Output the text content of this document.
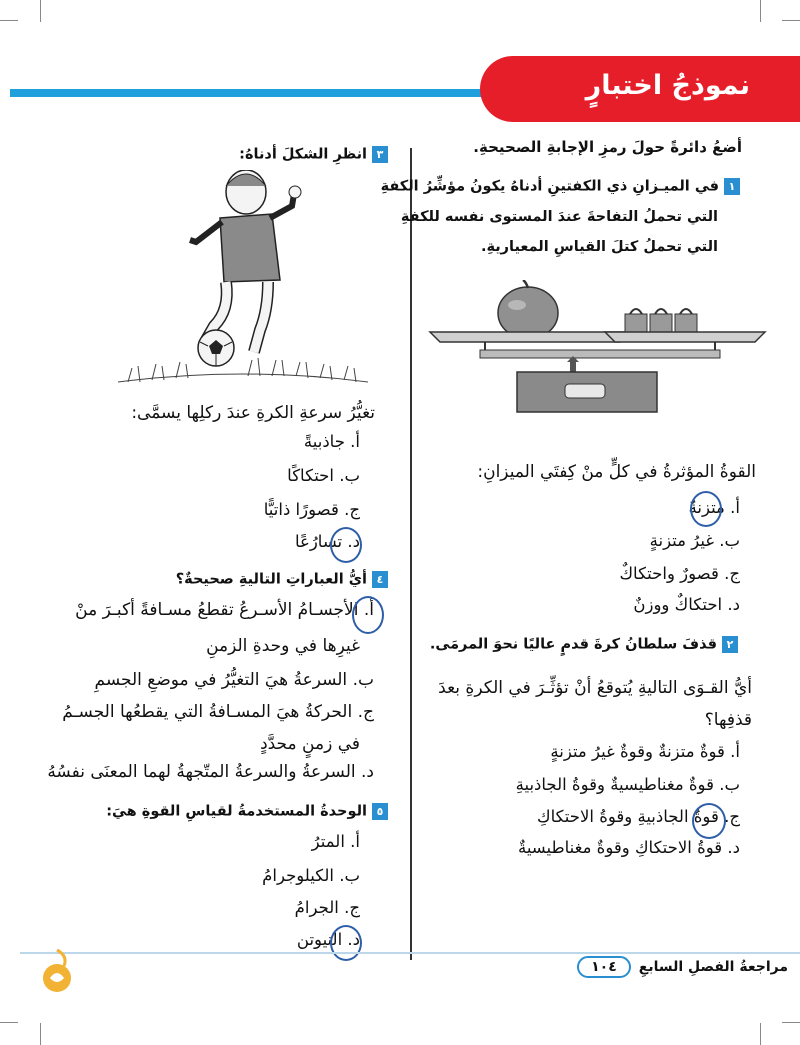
نموذجُ اختبارٍ
أضعُ دائرةً حولَ رمزِ الإجابةِ الصحيحةِ.
١في الميـزانِ ذي الكفتينِ أدناهُ يكونُ مؤشِّرُ الكفةِ
التي تحملُ التفاحةَ عندَ المستوى نفسه للكفةِ
التي تحملُ كتلَ القياسِ المعياريةِ.
القوةُ المؤثرةُ في كلٍّ منْ كِفتَي الميزانِ:
أ. متزنةٌ
ب. غيرُ متزنةٍ
ج. قصورٌ واحتكاكٌ
د. احتكاكٌ ووزنٌ
٢قذفَ سلطانُ كرةَ قدمٍ عاليًا نحوَ المرمَى.
أيُّ القـوَى التاليةِ يُتوقعُ أنْ تؤثِّـرَ في الكرةِ بعدَ
قذفِها؟
أ. قوةٌ متزنةٌ وقوةٌ غيرُ متزنةٍ
ب. قوةٌ مغناطيسيةٌ وقوةُ الجاذبيةِ
ج. قوةُ الجاذبيةِ وقوةُ الاحتكاكِ
د. قوةُ الاحتكاكِ وقوةٌ مغناطيسيةٌ
٣انظرِ الشكلَ أدناهُ:
تغيُّرُ سرعةِ الكرةِ عندَ ركلِها يسمَّى:
أ. جاذبيةً
ب. احتكاكًا
ج. قصورًا ذاتيًّا
د. تسارُعًا
٤أيُّ العباراتِ التاليةِ صحيحةٌ؟
أ. الأجسـامُ الأسـرعُ تقطعُ مسـافةً أكبـرَ منْ
غيرِها في وحدةِ الزمنِ
ب. السرعةُ هيَ التغيُّرُ في موضعِ الجسمِ
ج. الحركةُ هيَ المسـافةُ التي يقطعُها الجسـمُ
في زمنٍ محدَّدٍ
د. السرعةُ والسرعةُ المتّجهةُ لهما المعنَى نفسُهُ
٥الوحدةُ المستخدمةُ لقياسِ القوةِ هيَ:
أ. المترُ
ب. الكيلوجرامُ
ج. الجرامُ
د. النيوتن
مراجعةُ الفصلِ السابعِ
١٠٤
